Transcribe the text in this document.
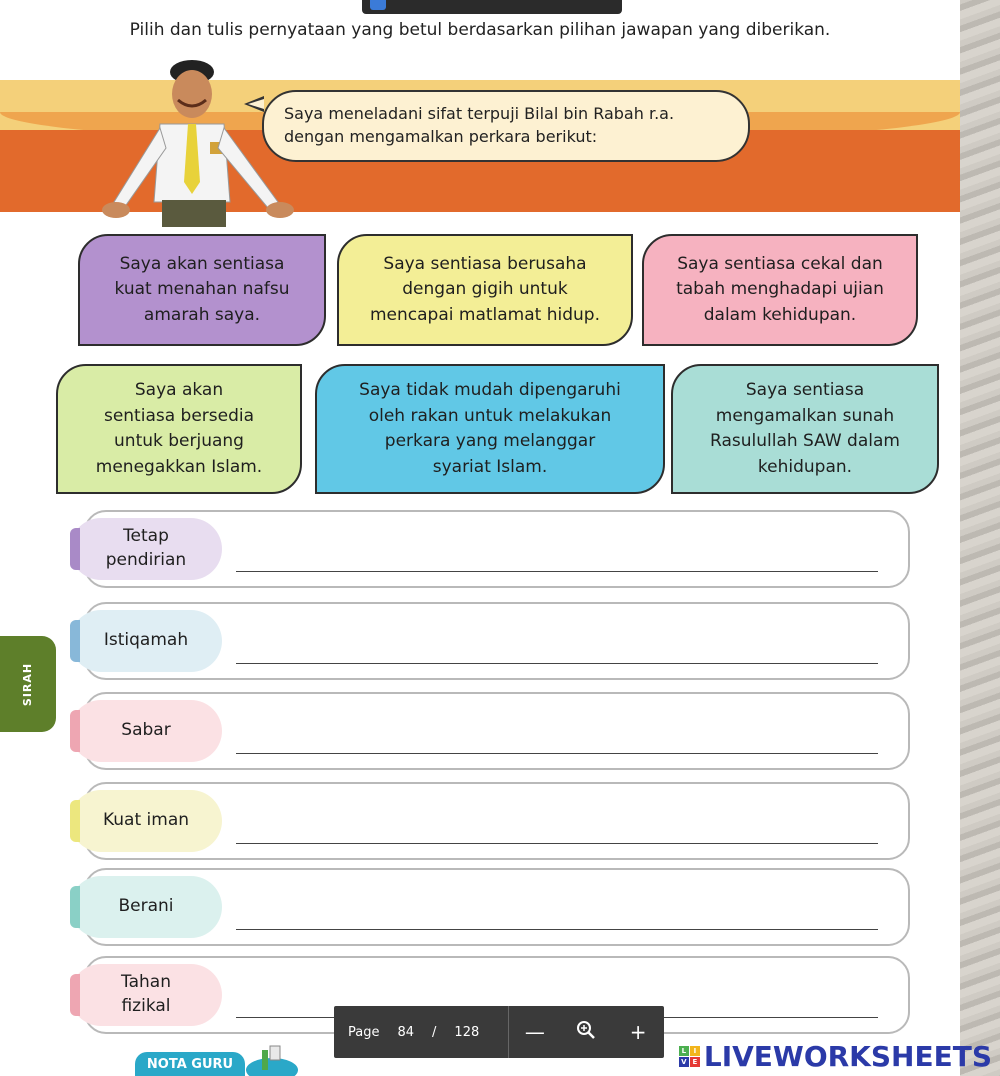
Pilih dan tulis pernyataan yang betul berdasarkan pilihan jawapan yang diberikan.
Saya meneladani sifat terpuji Bilal bin Rabah r.a.
dengan mengamalkan perkara berikut:
Saya akan sentiasa
kuat menahan nafsu
amarah saya.
Saya sentiasa berusaha
dengan gigih untuk
mencapai matlamat hidup.
Saya sentiasa cekal dan
tabah menghadapi ujian
dalam kehidupan.
Saya akan
sentiasa bersedia
untuk berjuang
menegakkan Islam.
Saya tidak mudah dipengaruhi
oleh rakan untuk melakukan
perkara yang melanggar
syariat Islam.
Saya sentiasa
mengamalkan sunah
Rasulullah SAW dalam
kehidupan.
Tetap
pendirian
Istiqamah
Sabar
Kuat iman
Berani
Tahan
fizikal
SIRAH
NOTA GURU
Page 84 / 128	—	+
L	I
V E LIVEWORKSHEETS
